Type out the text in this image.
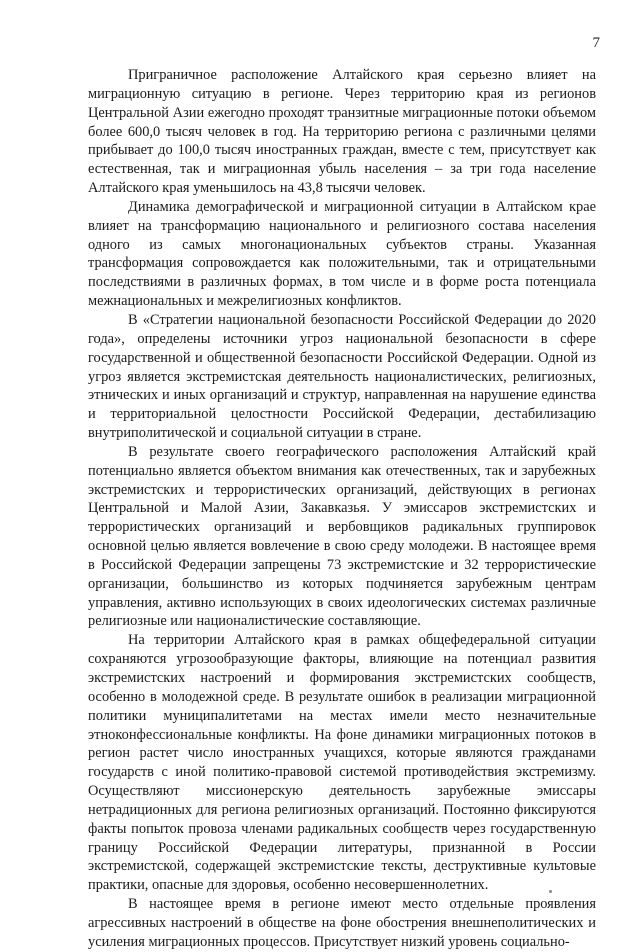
7

Приграничное расположение Алтайского края серьезно влияет на миграционную ситуацию в регионе. Через территорию края из регионов Центральной Азии ежегодно проходят транзитные миграционные потоки объемом более 600,0 тысяч человек в год. На территорию региона с различными целями прибывает до 100,0 тысяч иностранных граждан, вместе с тем, присутствует как естественная, так и миграционная убыль населения – за три года население Алтайского края уменьшилось на 43,8 тысячи человек.

Динамика демографической и миграционной ситуации в Алтайском крае влияет на трансформацию национального и религиозного состава населения одного из самых многонациональных субъектов страны. Указанная трансформация сопровождается как положительными, так и отрицательными последствиями в различных формах, в том числе и в форме роста потенциала межнациональных и межрелигиозных конфликтов.

В «Стратегии национальной безопасности Российской Федерации до 2020 года», определены источники угроз национальной безопасности в сфере государственной и общественной безопасности Российской Федерации. Одной из угроз является экстремистская деятельность националистических, религиозных, этнических и иных организаций и структур, направленная на нарушение единства и территориальной целостности Российской Федерации, дестабилизацию внутриполитической и социальной ситуации в стране.

В результате своего географического расположения Алтайский край потенциально является объектом внимания как отечественных, так и зарубежных экстремистских и террористических организаций, действующих в регионах Центральной и Малой Азии, Закавказья. У эмиссаров экстремистских и террористических организаций и вербовщиков радикальных группировок основной целью является вовлечение в свою среду молодежи. В настоящее время в Российской Федерации запрещены 73 экстремистские и 32 террористические организации, большинство из которых подчиняется зарубежным центрам управления, активно использующих в своих идеологических системах различные религиозные или националистические составляющие.

На территории Алтайского края в рамках общефедеральной ситуации сохраняются угрозообразующие факторы, влияющие на потенциал развития экстремистских настроений и формирования экстремистских сообществ, особенно в молодежной среде. В результате ошибок в реализации миграционной политики муниципалитетами на местах имели место незначительные этноконфессиональные конфликты. На фоне динамики миграционных потоков в регион растет число иностранных учащихся, которые являются гражданами государств с иной политико-правовой системой противодействия экстремизму. Осуществляют миссионерскую деятельность зарубежные эмиссары нетрадиционных для региона религиозных организаций. Постоянно фиксируются факты попыток провоза членами радикальных сообществ через государственную границу Российской Федерации литературы, признанной в России экстремистской, содержащей экстремистские тексты, деструктивные культовые практики, опасные для здоровья, особенно несовершеннолетних.

В настоящее время в регионе имеют место отдельные проявления агрессивных настроений в обществе на фоне обострения внешнеполитических и усиления миграционных процессов. Присутствует низкий уровень социально-
